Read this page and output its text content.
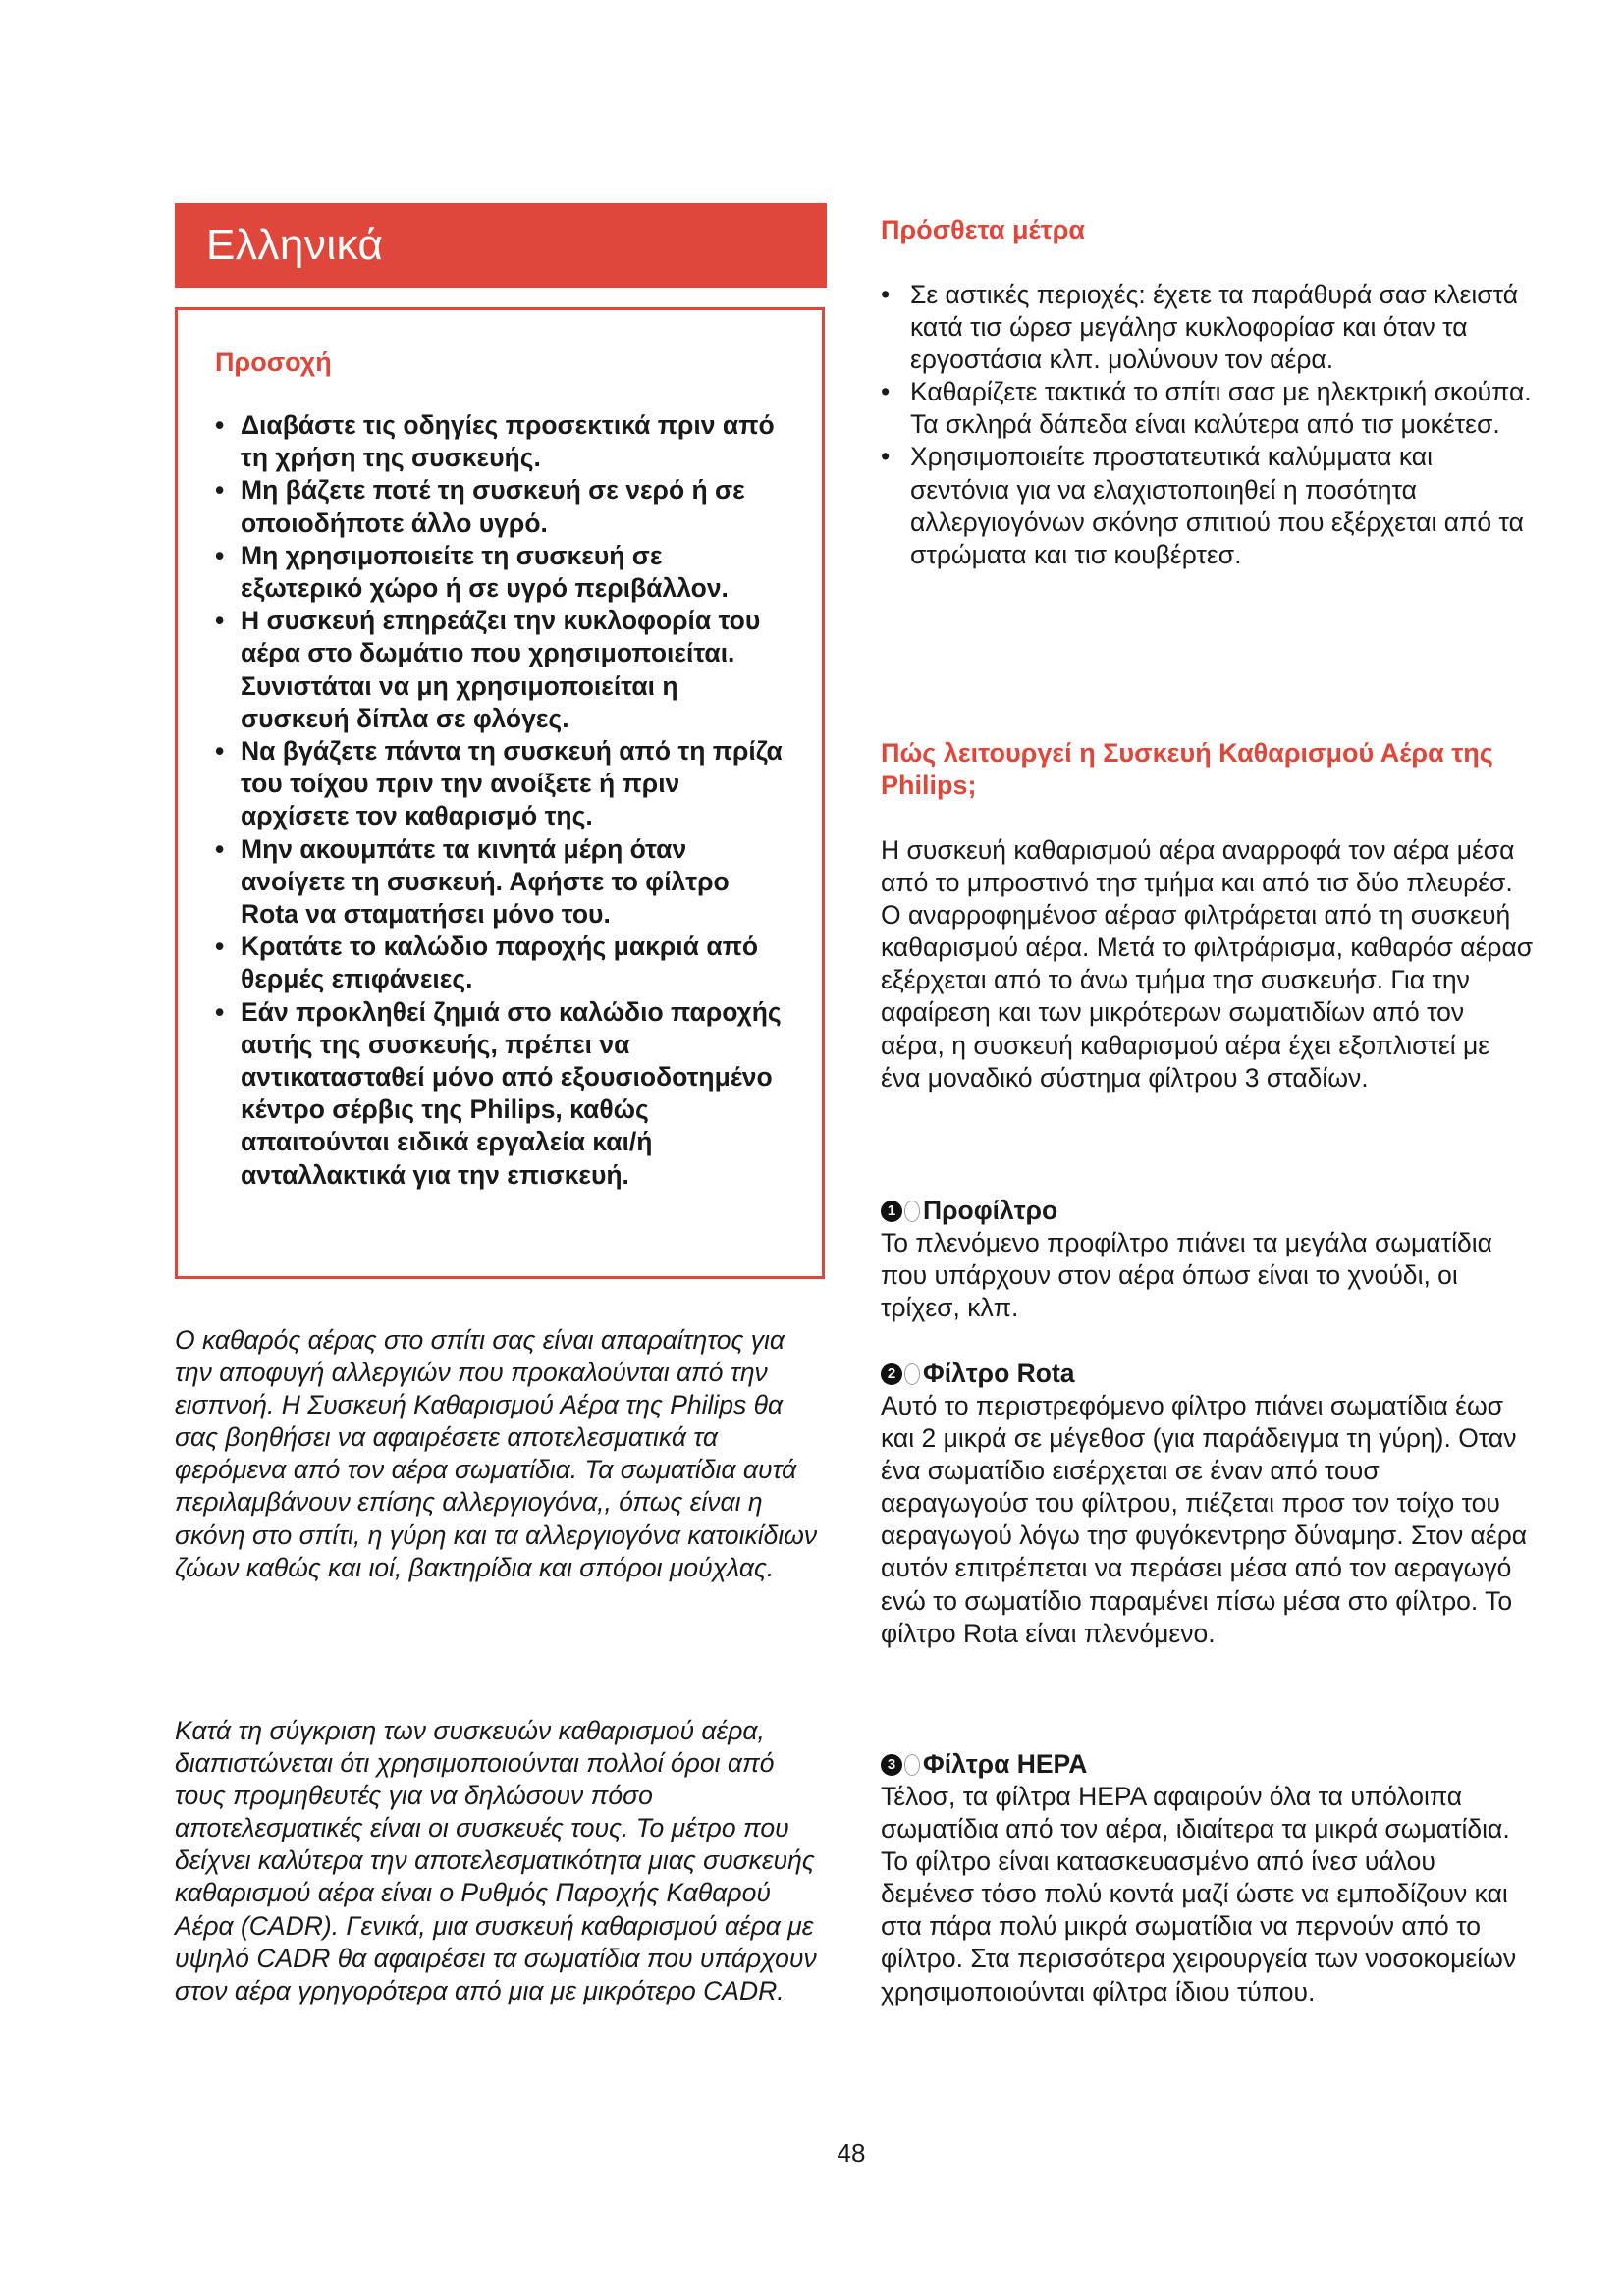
Ελληνικά
Προσοχή
• Διαβάστε τις οδηγίες προσεκτικά πριν από τη χρήση της συσκευής.
• Μη βάζετε ποτέ τη συσκευή σε νερό ή σε οποιοδήποτε άλλο υγρό.
• Μη χρησιμοποιείτε τη συσκευή σε εξωτερικό χώρο ή σε υγρό περιβάλλον.
• Η συσκευή επηρεάζει την κυκλοφορία του αέρα στο δωμάτιο που χρησιμοποιείται. Συνιστάται να μη χρησιμοποιείται η συσκευή δίπλα σε φλόγες.
• Να βγάζετε πάντα τη συσκευή από τη πρίζα του τοίχου πριν την ανοίξετε ή πριν αρχίσετε τον καθαρισμό της.
• Μην ακουμπάτε τα κινητά μέρη όταν ανοίγετε τη συσκευή. Αφήστε το φίλτρο Rota να σταματήσει μόνο του.
• Κρατάτε το καλώδιο παροχής μακριά από θερμές επιφάνειες.
• Εάν προκληθεί ζημιά στο καλώδιο παροχής αυτής της συσκευής, πρέπει να αντικατασταθεί μόνο από εξουσιοδοτημένο κέντρο σέρβις της Philips, καθώς απαιτούνται ειδικά εργαλεία και/ή ανταλλακτικά για την επισκευή.

Ο καθαρός αέρας στο σπίτι σας είναι απαραίτητος για την αποφυγή αλλεργιών που προκαλούνται από την εισπνοή. Η Συσκευή Καθαρισμού Αέρα της Philips θα σας βοηθήσει να αφαιρέσετε αποτελεσματικά τα φερόμενα από τον αέρα σωματίδια. Τα σωματίδια αυτά περιλαμβάνουν επίσης αλλεργιογόνα,, όπως είναι η σκόνη στο σπίτι, η γύρη και τα αλλεργιογόνα κατοικίδιων ζώων καθώς και ιοί, βακτηρίδια και σπόροι μούχλας.

Κατά τη σύγκριση των συσκευών καθαρισμού αέρα, διαπιστώνεται ότι χρησιμοποιούνται πολλοί όροι από τους προμηθευτές για να δηλώσουν πόσο αποτελεσματικές είναι οι συσκευές τους. Το μέτρο που δείχνει καλύτερα την αποτελεσματικότητα μιας συσκευής καθαρισμού αέρα είναι ο Ρυθμός Παροχής Καθαρού Αέρα (CADR). Γενικά, μια συσκευή καθαρισμού αέρα με υψηλό CADR θα αφαιρέσει τα σωματίδια που υπάρχουν στον αέρα γρηγορότερα από μια με μικρότερο CADR.

Πρόσθετα μέτρα
• Σε αστικές περιοχές: έχετε τα παράθυρά σασ κλειστά κατά τισ ώρεσ μεγάλησ κυκλοφορίασ και όταν τα εργοστάσια κλπ. μολύνουν τον αέρα.
• Καθαρίζετε τακτικά το σπίτι σασ με ηλεκτρική σκούπα. Τα σκληρά δάπεδα είναι καλύτερα από τισ μοκέτεσ.
• Χρησιμοποιείτε προστατευτικά καλύμματα και σεντόνια για να ελαχιστοποιηθεί η ποσότητα αλλεργιογόνων σκόνησ σπιτιού που εξέρχεται από τα στρώματα και τισ κουβέρτεσ.
Πώς λειτουργεί η Συσκευή Καθαρισμού Αέρα της Philips;

Η συσκευή καθαρισμού αέρα αναρροφά τον αέρα μέσα από το μπροστινό τησ τμήμα και από τισ δύο πλευρέσ. Ο αναρροφημένοσ αέρασ φιλτράρεται από τη συσκευή καθαρισμού αέρα. Μετά το φιλτράρισμα, καθαρόσ αέρασ εξέρχεται από το άνω τμήμα τησ συσκευήσ. Για την αφαίρεση και των μικρότερων σωματιδίων από τον αέρα, η συσκευή καθαρισμού αέρα έχει εξοπλιστεί με ένα μοναδικό σύστημα φίλτρου 3 σταδίων.

1 Προφίλτρο

Το πλενόμενο προφίλτρο πιάνει τα μεγάλα σωματίδια που υπάρχουν στον αέρα όπωσ είναι το χνούδι, οι τρίχεσ, κλπ.

2 Φίλτρο Rota

Αυτό το περιστρεφόμενο φίλτρο πιάνει σωματίδια έωσ και 2 μικρά σε μέγεθοσ (για παράδειγμα τη γύρη). Οταν ένα σωματίδιο εισέρχεται σε έναν από τουσ αεραγωγούσ του φίλτρου, πιέζεται προσ τον τοίχο του αεραγωγού λόγω τησ φυγόκεντρησ δύναμησ. Στον αέρα αυτόν επιτρέπεται να περάσει μέσα από τον αεραγωγό ενώ το σωματίδιο παραμένει πίσω μέσα στο φίλτρο. Το φίλτρο Rota είναι πλενόμενο.

3 Φίλτρα HEPA

Τέλοσ, τα φίλτρα HEPA αφαιρούν όλα τα υπόλοιπα σωματίδια από τον αέρα, ιδιαίτερα τα μικρά σωματίδια. Το φίλτρο είναι κατασκευασμένο από ίνεσ υάλου δεμένεσ τόσο πολύ κοντά μαζί ώστε να εμποδίζουν και στα πάρα πολύ μικρά σωματίδια να περνούν από το φίλτρο. Στα περισσότερα χειρουργεία των νοσοκομείων χρησιμοποιούνται φίλτρα ίδιου τύπου.

48
